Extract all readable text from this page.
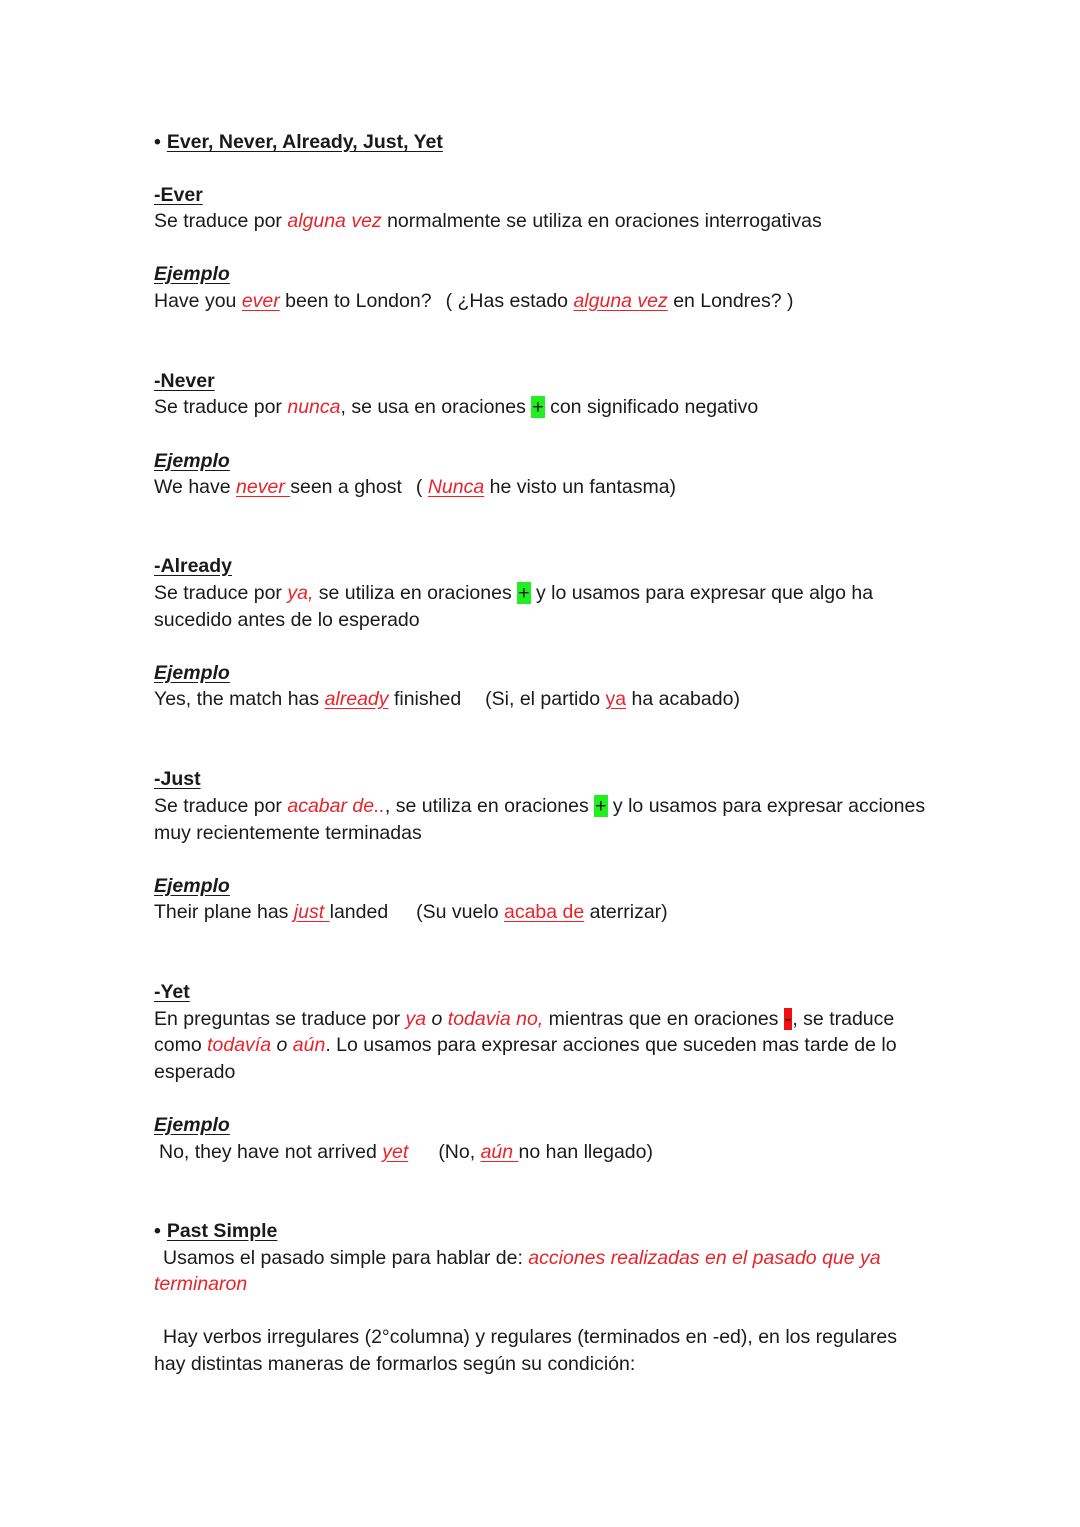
• Ever, Never, Already, Just, Yet
-Ever
Se traduce por alguna vez normalmente se utiliza en oraciones interrogativas
Ejemplo
Have you ever been to London? ( ¿Has estado alguna vez en Londres? )
-Never
Se traduce por nunca, se usa en oraciones + con significado negativo
Ejemplo
We have never seen a ghost ( Nunca he visto un fantasma)
-Already
Se traduce por ya, se utiliza en oraciones + y lo usamos para expresar que algo ha
sucedido antes de lo esperado
Ejemplo
Yes, the match has already finished (Si, el partido ya ha acabado)
-Just
Se traduce por acabar de.., se utiliza en oraciones + y lo usamos para expresar acciones
muy recientemente terminadas
Ejemplo
Their plane has just landed (Su vuelo acaba de aterrizar)
-Yet
En preguntas se traduce por ya o todavia no, mientras que en oraciones -, se traduce
como todavía o aún. Lo usamos para expresar acciones que suceden mas tarde de lo
esperado
Ejemplo
No, they have not arrived yet (No, aún no han llegado)
• Past Simple
Usamos el pasado simple para hablar de: acciones realizadas en el pasado que ya
terminaron
Hay verbos irregulares (2°columna) y regulares (terminados en -ed), en los regulares
hay distintas maneras de formarlos según su condición:
